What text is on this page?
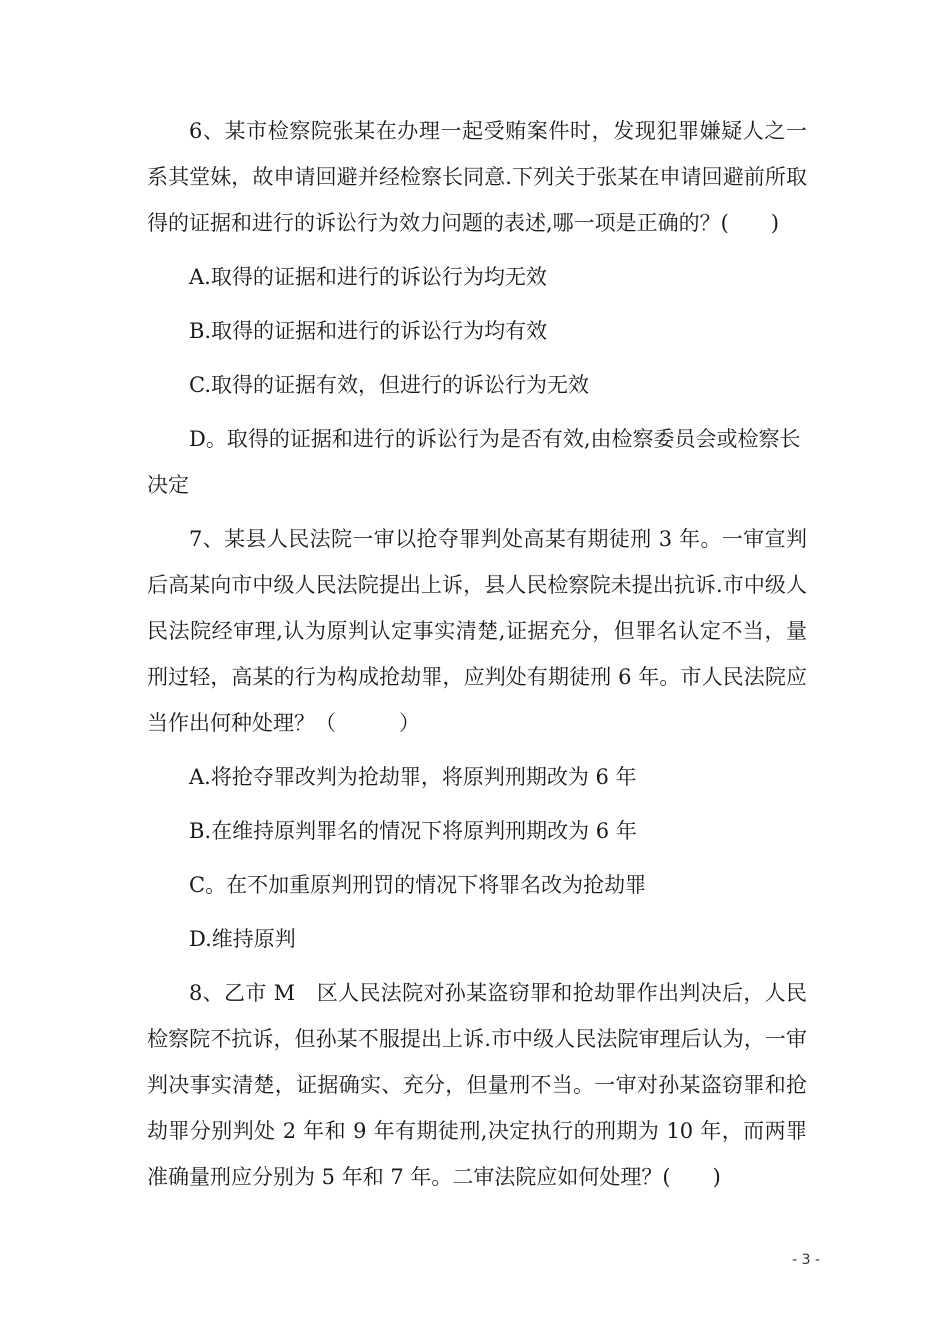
6、某市检察院张某在办理一起受贿案件时，发现犯罪嫌疑人之一系其堂妹，故申请回避并经检察长同意.下列关于张某在申请回避前所取得的证据和进行的诉讼行为效力问题的表述,哪一项是正确的？(　　)

A.取得的证据和进行的诉讼行为均无效

B.取得的证据和进行的诉讼行为均有效

C.取得的证据有效，但进行的诉讼行为无效

D。取得的证据和进行的诉讼行为是否有效,由检察委员会或检察长决定

7、某县人民法院一审以抢夺罪判处高某有期徒刑 3 年。一审宣判后高某向市中级人民法院提出上诉，县人民检察院未提出抗诉.市中级人民法院经审理,认为原判认定事实清楚,证据充分，但罪名认定不当，量刑过轻，高某的行为构成抢劫罪，应判处有期徒刑 6 年。市人民法院应当作出何种处理？（　　　）

A.将抢夺罪改判为抢劫罪，将原判刑期改为 6 年

B.在维持原判罪名的情况下将原判刑期改为 6 年

C。在不加重原判刑罚的情况下将罪名改为抢劫罪

D.维持原判

8、乙市 M　区人民法院对孙某盗窃罪和抢劫罪作出判决后，人民检察院不抗诉，但孙某不服提出上诉.市中级人民法院审理后认为，一审判决事实清楚，证据确实、充分，但量刑不当。一审对孙某盗窃罪和抢劫罪分别判处 2 年和 9 年有期徒刑,决定执行的刑期为 10 年，而两罪准确量刑应分别为 5 年和 7 年。二审法院应如何处理？(　　)

- 3 -
